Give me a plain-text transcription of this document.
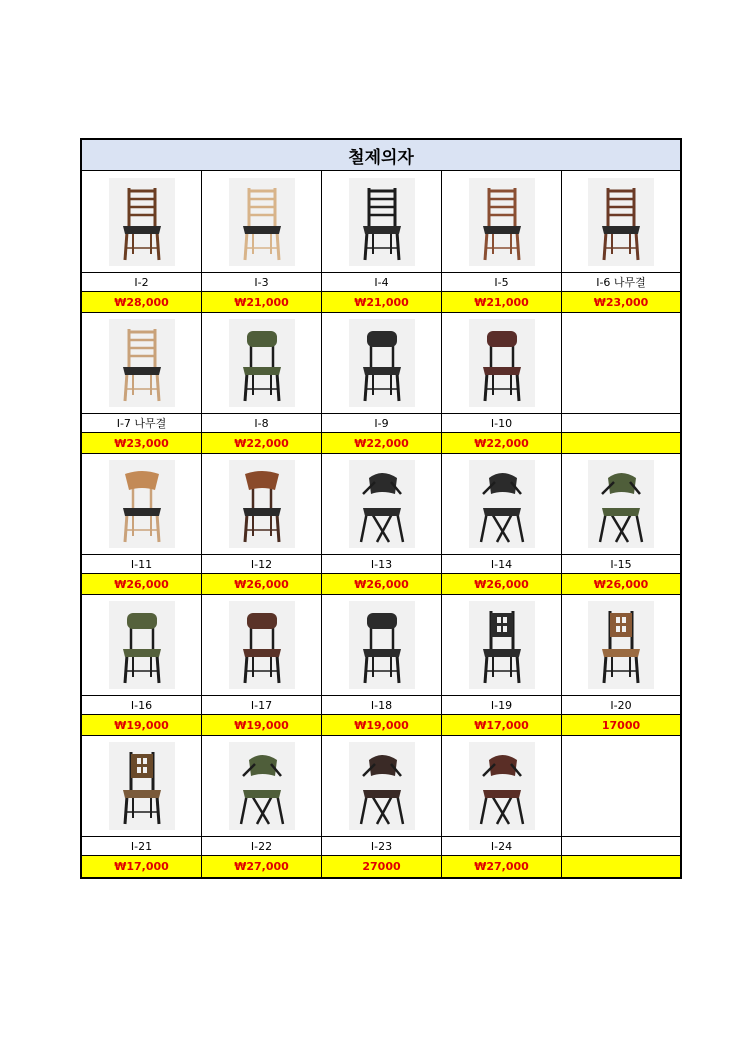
철제의자
I-2	I-3	I-4	I-5	I-6 나무결
₩28,000	₩21,000	₩21,000	₩21,000	₩23,000
I-7 나무결	I-8	I-9	I-10
₩23,000	₩22,000	₩22,000	₩22,000
I-11	I-12	I-13	I-14	I-15
₩26,000	₩26,000	₩26,000	₩26,000	₩26,000
I-16	I-17	I-18	I-19	I-20
₩19,000	₩19,000	₩19,000	₩17,000	17000
I-21	I-22	I-23	I-24
₩17,000	₩27,000	27000	₩27,000
